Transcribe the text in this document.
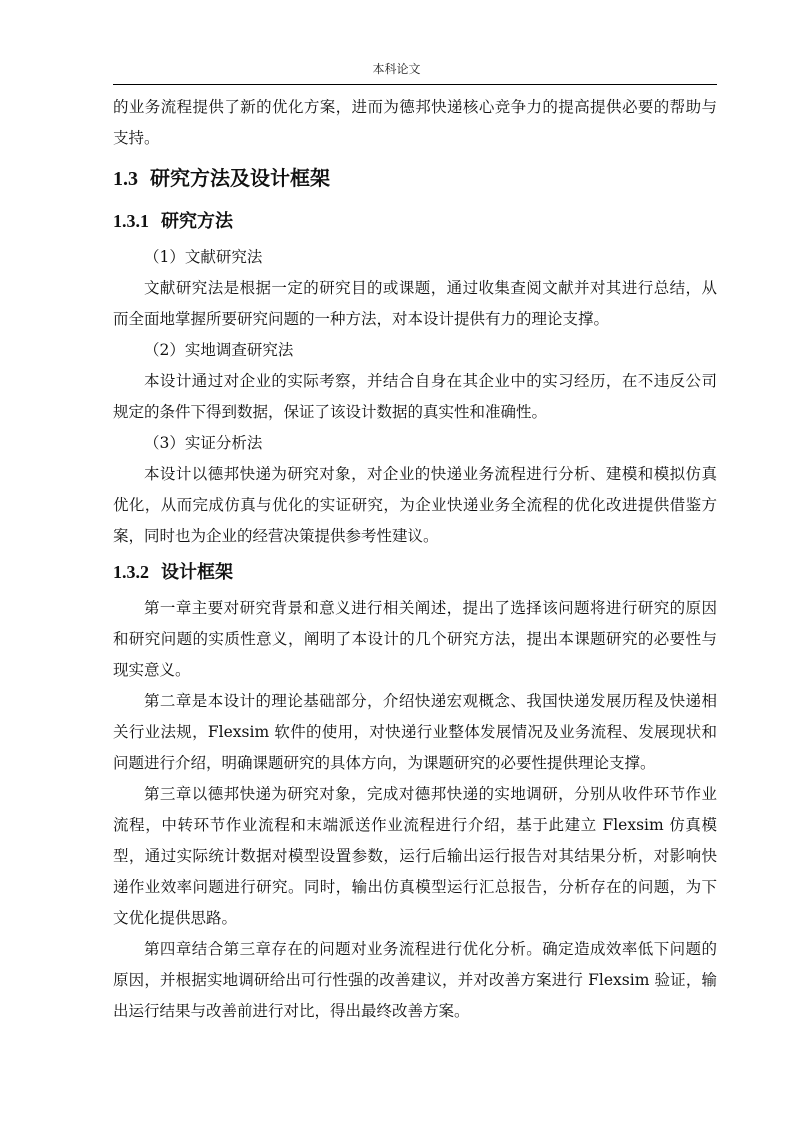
本科论文

的业务流程提供了新的优化方案，进而为德邦快递核心竞争力的提高提供必要的帮助与支持。

1.3 研究方法及设计框架
1.3.1 研究方法

（1）文献研究法

文献研究法是根据一定的研究目的或课题，通过收集查阅文献并对其进行总结，从而全面地掌握所要研究问题的一种方法，对本设计提供有力的理论支撑。

（2）实地调查研究法

本设计通过对企业的实际考察，并结合自身在其企业中的实习经历，在不违反公司规定的条件下得到数据，保证了该设计数据的真实性和准确性。

（3）实证分析法

本设计以德邦快递为研究对象，对企业的快递业务流程进行分析、建模和模拟仿真优化，从而完成仿真与优化的实证研究，为企业快递业务全流程的优化改进提供借鉴方案，同时也为企业的经营决策提供参考性建议。

1.3.2 设计框架

第一章主要对研究背景和意义进行相关阐述，提出了选择该问题将进行研究的原因和研究问题的实质性意义，阐明了本设计的几个研究方法，提出本课题研究的必要性与现实意义。

第二章是本设计的理论基础部分，介绍快递宏观概念、我国快递发展历程及快递相关行业法规，Flexsim 软件的使用，对快递行业整体发展情况及业务流程、发展现状和问题进行介绍，明确课题研究的具体方向，为课题研究的必要性提供理论支撑。

第三章以德邦快递为研究对象，完成对德邦快递的实地调研，分别从收件环节作业流程，中转环节作业流程和末端派送作业流程进行介绍，基于此建立 Flexsim 仿真模型，通过实际统计数据对模型设置参数，运行后输出运行报告对其结果分析，对影响快递作业效率问题进行研究。同时，输出仿真模型运行汇总报告，分析存在的问题，为下文优化提供思路。

第四章结合第三章存在的问题对业务流程进行优化分析。确定造成效率低下问题的原因，并根据实地调研给出可行性强的改善建议，并对改善方案进行 Flexsim 验证，输出运行结果与改善前进行对比，得出最终改善方案。
